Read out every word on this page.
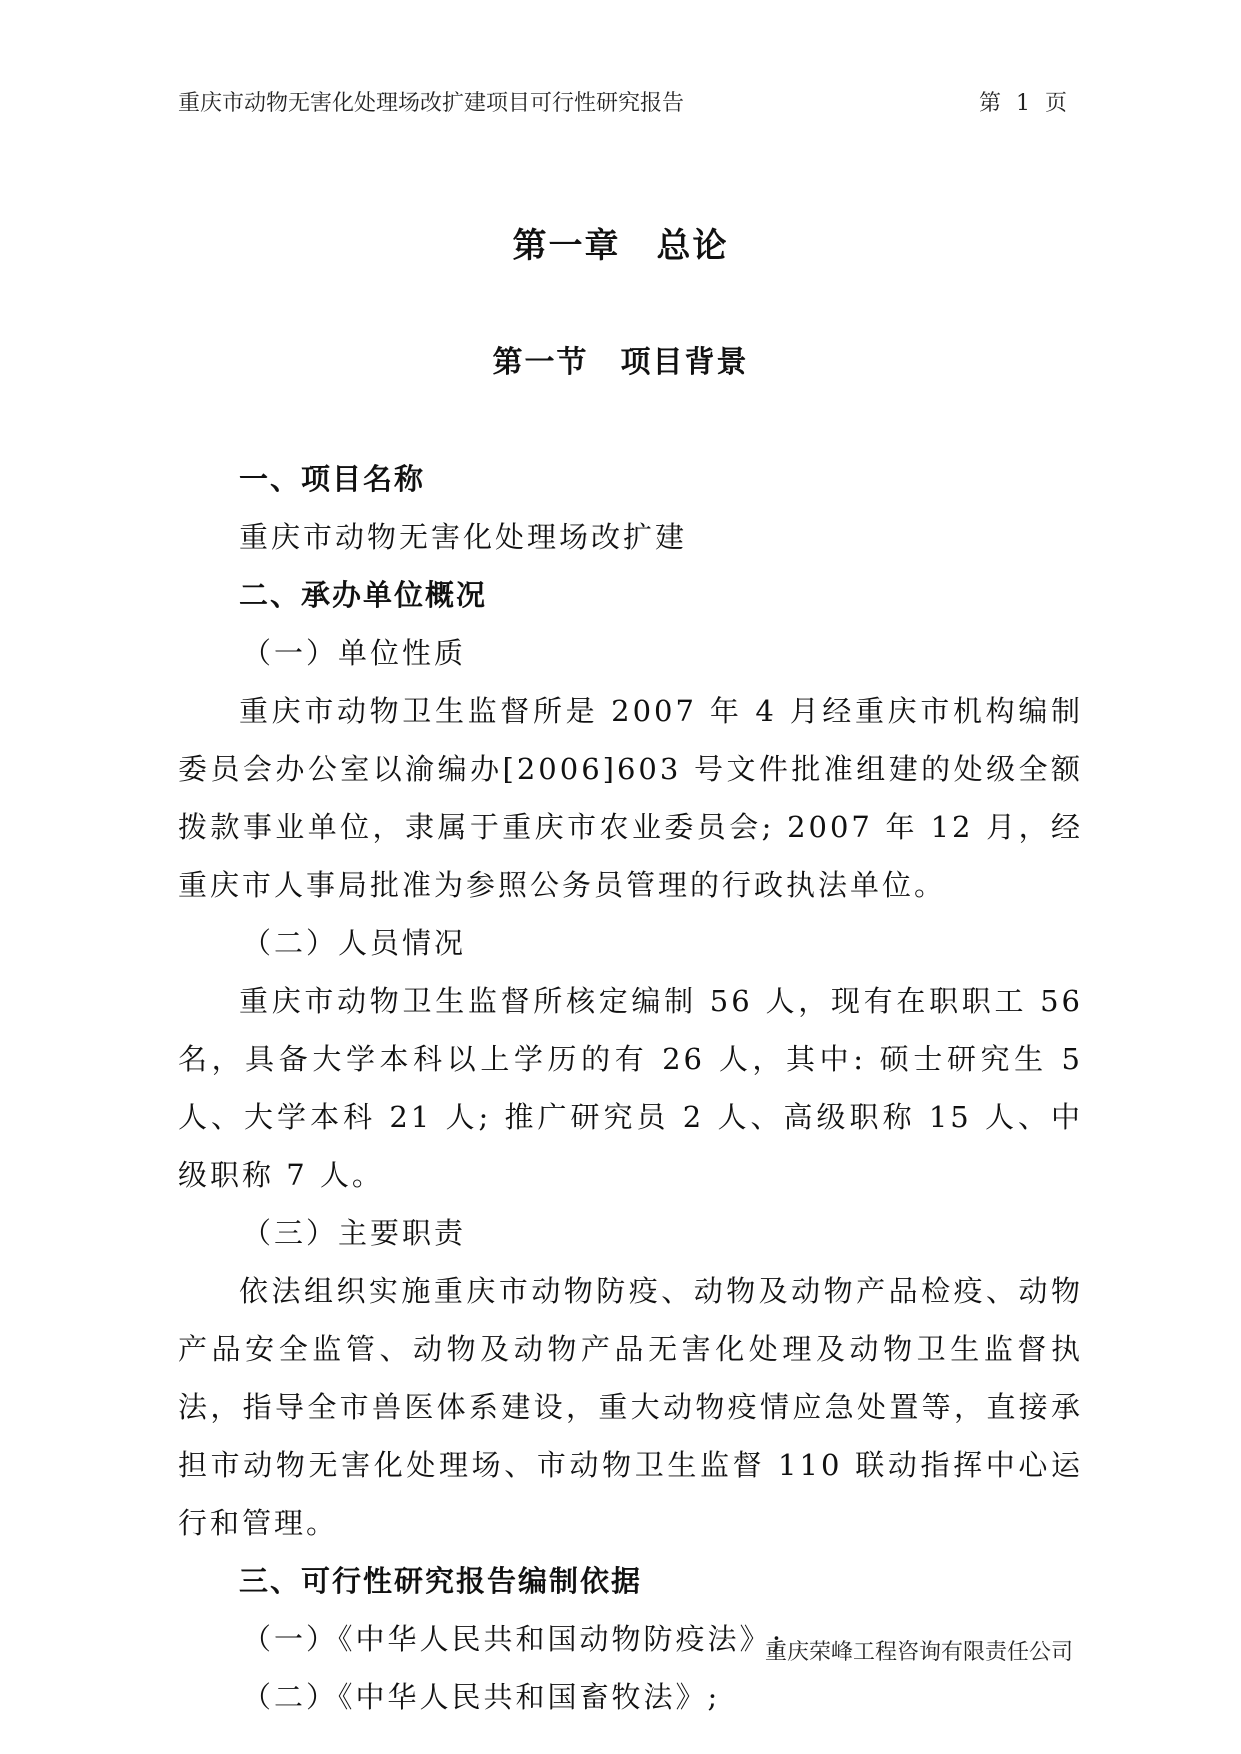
重庆市动物无害化处理场改扩建项目可行性研究报告	第 1 页
第一章　总论
第一节　项目背景
一、项目名称
重庆市动物无害化处理场改扩建
二、承办单位概况
（一）单位性质
重庆市动物卫生监督所是 2007 年 4 月经重庆市机构编制委员会办公室以渝编办[2006]603 号文件批准组建的处级全额拨款事业单位，隶属于重庆市农业委员会; 2007 年 12 月，经重庆市人事局批准为参照公务员管理的行政执法单位。
（二）人员情况
重庆市动物卫生监督所核定编制 56 人，现有在职职工 56 名，具备大学本科以上学历的有 26 人，其中: 硕士研究生 5 人、大学本科 21 人; 推广研究员 2 人、高级职称 15 人、中级职称 7 人。
（三）主要职责
依法组织实施重庆市动物防疫、动物及动物产品检疫、动物产品安全监管、动物及动物产品无害化处理及动物卫生监督执法，指导全市兽医体系建设，重大动物疫情应急处置等，直接承担市动物无害化处理场、市动物卫生监督 110 联动指挥中心运行和管理。
三、可行性研究报告编制依据
（一）《中华人民共和国动物防疫法》;
（二）《中华人民共和国畜牧法》;
重庆荣峰工程咨询有限责任公司
